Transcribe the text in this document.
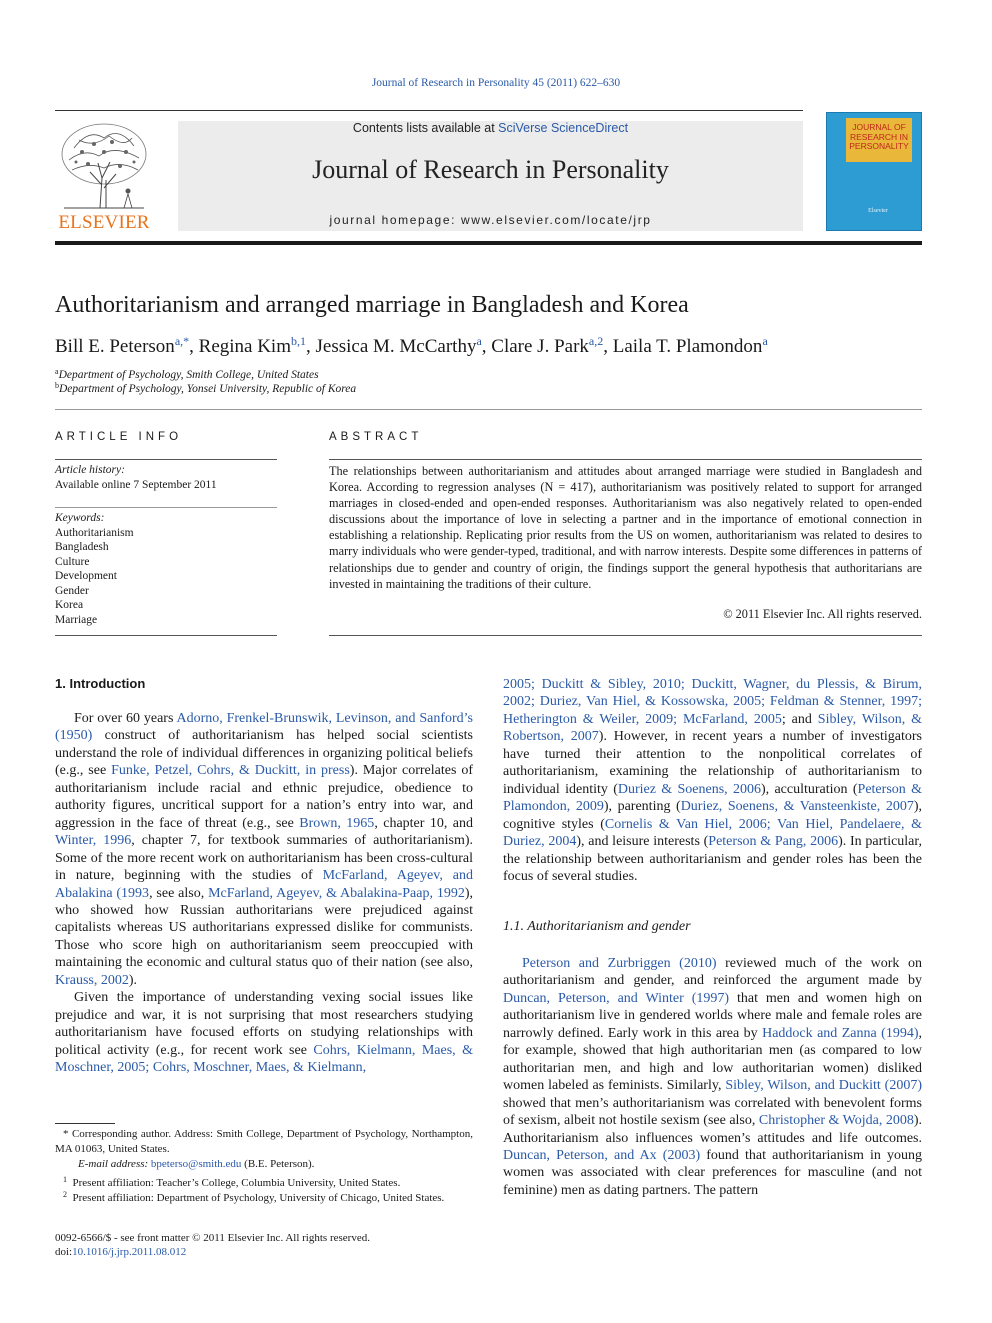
Journal of Research in Personality 45 (2011) 622–630
ELSEVIER
Contents lists available at SciVerse ScienceDirect
Journal of Research in Personality
journal homepage: www.elsevier.com/locate/jrp
JOURNAL OF RESEARCH IN PERSONALITY
Elsevier
Authoritarianism and arranged marriage in Bangladesh and Korea
Bill E. Peterson$^{a,*}$, Regina Kim$^{b,1}$, Jessica M. McCarthy$^a$, Clare J. Park$^{a,2}$, Laila T. Plamondon$^a$
$^a$Department of Psychology, Smith College, United States
$^b$Department of Psychology, Yonsei University, Republic of Korea
ARTICLE INFO
Article history:
Available online 7 September 2011
Keywords:
Authoritarianism
Bangladesh
Culture
Development
Gender
Korea
Marriage
ABSTRACT
The relationships between authoritarianism and attitudes about arranged marriage were studied in Bangladesh and Korea. According to regression analyses (N = 417), authoritarianism was positively related to support for arranged marriages in closed-ended and open-ended responses. Authoritarianism was also negatively related to open-ended discussions about the importance of love in selecting a partner and in the importance of emotional connection in establishing a relationship. Replicating prior results from the US on women, authoritarianism was related to desires to marry individuals who were gender-typed, traditional, and with narrow interests. Despite some differences in patterns of relationships due to gender and country of origin, the findings support the general hypothesis that authoritarians are invested in maintaining the traditions of their culture.
© 2011 Elsevier Inc. All rights reserved.
1. Introduction

For over 60 years Adorno, Frenkel-Brunswik, Levinson, and Sanford’s (1950) construct of authoritarianism has helped social scientists understand the role of individual differences in organizing political beliefs (e.g., see Funke, Petzel, Cohrs, & Duckitt, in press). Major correlates of authoritarianism include racial and ethnic prejudice, obedience to authority figures, uncritical support for a nation’s entry into war, and aggression in the face of threat (e.g., see Brown, 1965, chapter 10, and Winter, 1996, chapter 7, for textbook summaries of authoritarianism). Some of the more recent work on authoritarianism has been cross-cultural in nature, beginning with the studies of McFarland, Ageyev, and Abalakina (1993, see also, McFarland, Ageyev, & Abalakina-Paap, 1992), who showed how Russian authoritarians were prejudiced against capitalists whereas US authoritarians expressed dislike for communists. Those who score high on authoritarianism seem preoccupied with maintaining the economic and cultural status quo of their nation (see also, Krauss, 2002).

Given the importance of understanding vexing social issues like prejudice and war, it is not surprising that most researchers studying authoritarianism have focused efforts on studying relationships with political activity (e.g., for recent work see Cohrs, Kielmann, Maes, & Moschner, 2005; Cohrs, Moschner, Maes, & Kielmann,

* Corresponding author. Address: Smith College, Department of Psychology, Northampton, MA 01063, United States.
E-mail address: bpeterso@smith.edu (B.E. Peterson).
$^1$ Present affiliation: Teacher’s College, Columbia University, United States.
$^2$ Present affiliation: Department of Psychology, University of Chicago, United States.
0092-6566/$ - see front matter © 2011 Elsevier Inc. All rights reserved.
doi:10.1016/j.jrp.2011.08.012

2005; Duckitt & Sibley, 2010; Duckitt, Wagner, du Plessis, & Birum, 2002; Duriez, Van Hiel, & Kossowska, 2005; Feldman & Stenner, 1997; Hetherington & Weiler, 2009; McFarland, 2005; and Sibley, Wilson, & Robertson, 2007). However, in recent years a number of investigators have turned their attention to the nonpolitical correlates of authoritarianism, examining the relationship of authoritarianism to individual identity (Duriez & Soenens, 2006), acculturation (Peterson & Plamondon, 2009), parenting (Duriez, Soenens, & Vansteenkiste, 2007), cognitive styles (Cornelis & Van Hiel, 2006; Van Hiel, Pandelaere, & Duriez, 2004), and leisure interests (Peterson & Pang, 2006). In particular, the relationship between authoritarianism and gender roles has been the focus of several studies.

1.1. Authoritarianism and gender

Peterson and Zurbriggen (2010) reviewed much of the work on authoritarianism and gender, and reinforced the argument made by Duncan, Peterson, and Winter (1997) that men and women high on authoritarianism live in gendered worlds where male and female roles are narrowly defined. Early work in this area by Haddock and Zanna (1994), for example, showed that high authoritarian men (as compared to low authoritarian men, and high and low authoritarian women) disliked women labeled as feminists. Similarly, Sibley, Wilson, and Duckitt (2007) showed that men’s authoritarianism was correlated with benevolent forms of sexism, albeit not hostile sexism (see also, Christopher & Wojda, 2008). Authoritarianism also influences women’s attitudes and life outcomes. Duncan, Peterson, and Ax (2003) found that authoritarianism in young women was associated with clear preferences for masculine (and not feminine) men as dating partners. The pattern
